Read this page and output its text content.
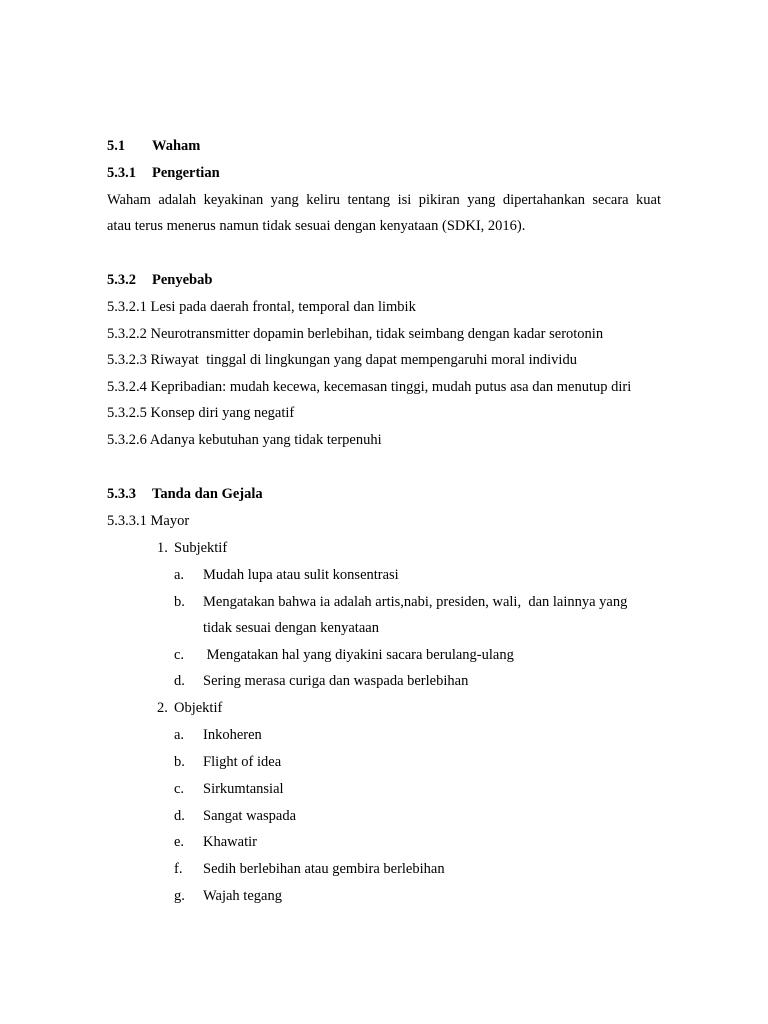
5.1 Waham
5.3.1 Pengertian
Waham adalah keyakinan yang keliru tentang isi pikiran yang dipertahankan secara kuat
atau terus menerus namun tidak sesuai dengan kenyataan (SDKI, 2016).
5.3.2 Penyebab
5.3.2.1 Lesi pada daerah frontal, temporal dan limbik
5.3.2.2 Neurotransmitter dopamin berlebihan, tidak seimbang dengan kadar serotonin
5.3.2.3 Riwayat  tinggal di lingkungan yang dapat mempengaruhi moral individu
5.3.2.4 Kepribadian: mudah kecewa, kecemasan tinggi, mudah putus asa dan menutup diri
5.3.2.5 Konsep diri yang negatif
5.3.2.6 Adanya kebutuhan yang tidak terpenuhi
5.3.3 Tanda dan Gejala
5.3.3.1 Mayor
1. Subjektif
a. Mudah lupa atau sulit konsentrasi
b. Mengatakan bahwa ia adalah artis,nabi, presiden, wali,  dan lainnya yang
tidak sesuai dengan kenyataan
c. Mengatakan hal yang diyakini sacara berulang-ulang
d. Sering merasa curiga dan waspada berlebihan
2. Objektif
a. Inkoheren
b. Flight of idea
c. Sirkumtansial
d. Sangat waspada
e. Khawatir
f. Sedih berlebihan atau gembira berlebihan
g. Wajah tegang
